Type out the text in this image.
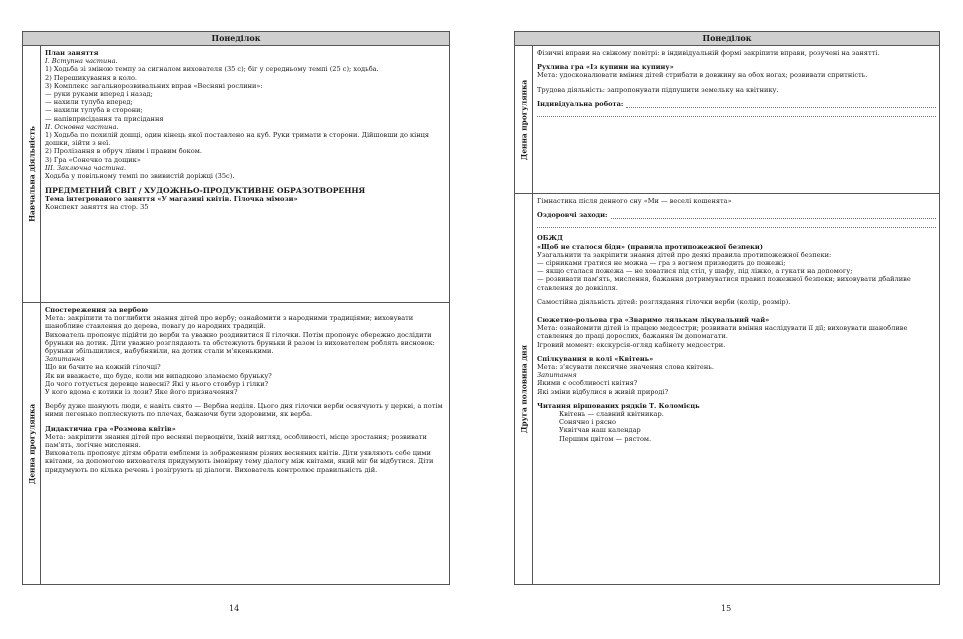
Понеділок
Навчальна діяльність
План заняття
I. Вступна частина.
1) Ходьба зі зміною темпу за сигналом вихователя (35 с); біг у середньому темпі (25 с); ходьба.
2) Перешикування в коло.
3) Комплекс загальнорозвивальних вправ «Весняні рослини»:
— руки руками вперед і назад;
— нахили тулуба вперед;
— нахили тулуба в сторони;
— напівприсідання та присідання
II. Основна частина.
1) Ходьба по похилій дошці, один кінець якої поставлено на куб. Руки тримати в сторони. Дійшовши до кінця дошки, зійти з неї.
2) Пролізання в обруч лівим і правим боком.
3) Гра «Сонечко та дощик»
III. Заключна частина.
Ходьба у повільному темпі по звивистій доріжці (35с).
ПРЕДМЕТНИЙ СВІТ / ХУДОЖНЬО-ПРОДУКТИВНЕ ОБРАЗОТВОРЕННЯ
Тема інтегрованого заняття «У магазині квітів. Гілочка мімози»
Конспект заняття на стор. 35
Денна прогулянка
Спостереження за вербою
Мета: закріпити та поглибити знання дітей про вербу; ознайомити з народними традиціями; виховувати шанобливе ставлення до дерева, повагу до народних традицій.
Вихователь пропонує підійти до верби та уважно роздивитися її гілочки. Потім пропонує обережно дослідити бруньки на дотик. Діти уважно розглядають та обстежують бруньки й разом із вихователем роблять висновок: бруньки збільшилися, набубнявіли, на дотик стали м'якенькими.
Запитання
Що ви бачите на кожній гілочці?
Як ви вважаєте, що буде, коли ми випадково зламаємо бруньку?
До чого готується деревце навесні? Які у нього стовбур і гілки?
У кого вдома є котики із лози? Яке його призначення?
Вербу дуже шанують люди, є навіть свято — Вербна неділя. Цього дня гілочки верби освячують у церкві, а потім ними легенько поплескують по плечах, бажаючи бути здоровими, як верба.
Дидактична гра «Розмова квітів»
Мета: закріпити знання дітей про весняні первоцвіти, їхній вигляд, особливості, місце зростання; розвивати пам'ять, логічне мислення.
Вихователь пропонує дітям обрати емблеми із зображенням різних весняних квітів. Діти уявляють себе цими квітами, за допомогою вихователя придумують імовірну тему діалогу між квітами, який міг би відбутися. Діти придумують по кілька речень і розігрують ці діалоги. Вихователь контролює правильність дій.
14
Понеділок
Денна прогулянка
Фізичні вправи на свіжому повітрі: в індивідуальній формі закріпити вправи, розучені на занятті.
Рухлива гра «Із купини на купину»
Мета: удосконалювати вміння дітей стрибати в довжину на обох ногах; розвивати спритність.
Трудова діяльність: запропонувати підпушити земельку на квітнику.
Індивідуальна робота:
Друга половина дня
Гімнастика після денного сну «Ми — веселі кошенята»
Оздоровчі заходи:
ОБЖД
«Щоб не сталося біди» (правила протипожежної безпеки)
Узагальнити та закріпити знання дітей про деякі правила протипожежної безпеки:
— сірниками гратися не можна — гра з вогнем призводить до пожежі;
— якщо сталася пожежа — не ховатися під стіл, у шафу, під ліжко, а гукати на допомогу;
— розвивати пам'ять, мислення, бажання дотримуватися правил пожежної безпеки; виховувати дбайливе ставлення до довкілля.
Самостійна діяльність дітей: розглядання гілочки верби (колір, розмір).
Сюжетно-рольова гра «Зваримо лялькам лікувальний чай»
Мета: ознайомити дітей із працею медсестри; розвивати вміння наслідувати її дії; виховувати шанобливе ставлення до праці дорослих, бажання їм допомагати.
Ігровий момент: екскурсія-огляд кабінету медсестри.
Спілкування в колі «Квітень»
Мета: з'ясувати лексичне значення слова квітень.
Запитання
Якими є особливості квітня?
Які зміни відбулися в живій природі?
Читання віршованих рядків Т. Коломієць
Квітень — славний квітникар.
Сонячно і рясно
Уквітчав наш календар
Першим цвітом — рястом.
15
